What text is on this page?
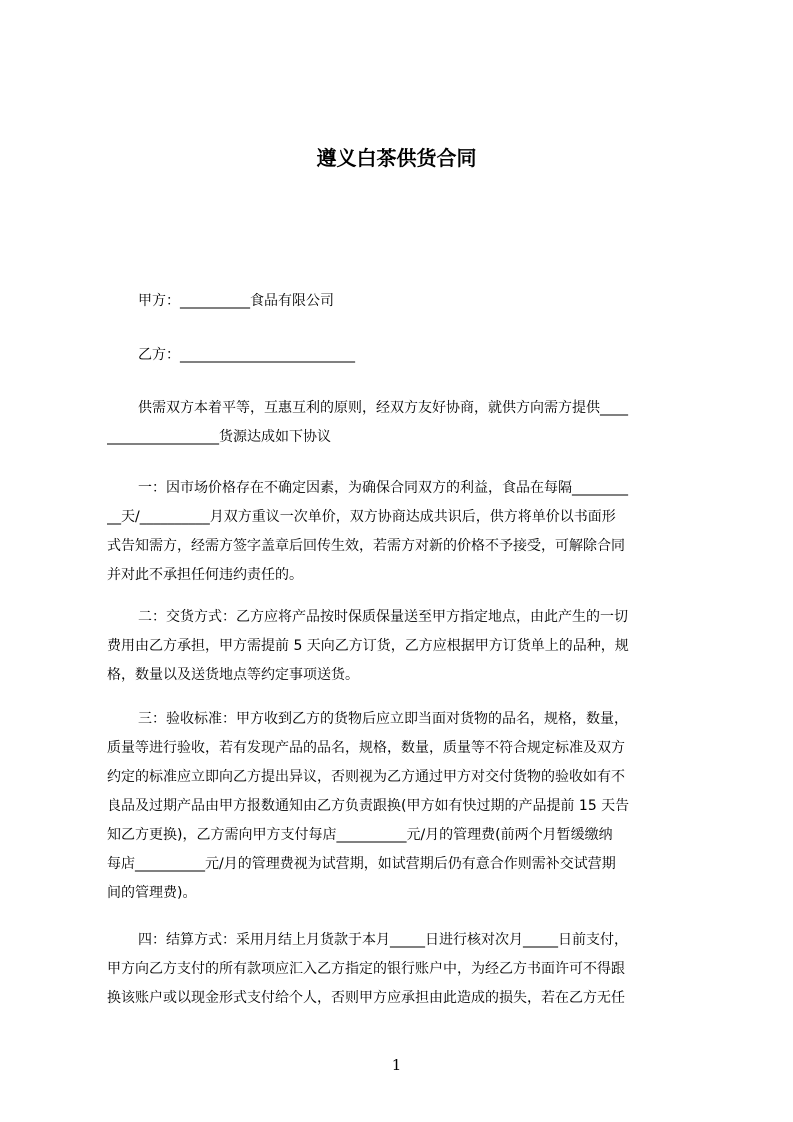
遵义白茶供货合同
甲方：__________食品有限公司
乙方：_________________________
供需双方本着平等，互惠互利的原则，经双方友好协商，就供方向需方提供____
________________货源达成如下协议
一：因市场价格存在不确定因素，为确保合同双方的利益，食品在每隔________
__天/__________月双方重议一次单价，双方协商达成共识后，供方将单价以书面形
式告知需方，经需方签字盖章后回传生效，若需方对新的价格不予接受，可解除合同
并对此不承担任何违约责任的。
二：交货方式：乙方应将产品按时保质保量送至甲方指定地点，由此产生的一切
费用由乙方承担，甲方需提前 5 天向乙方订货，乙方应根据甲方订货单上的品种，规
格，数量以及送货地点等约定事项送货。
三：验收标准：甲方收到乙方的货物后应立即当面对货物的品名，规格，数量，
质量等进行验收，若有发现产品的品名，规格，数量，质量等不符合规定标准及双方
约定的标准应立即向乙方提出异议，否则视为乙方通过甲方对交付货物的验收如有不
良品及过期产品由甲方报数通知由乙方负责跟换(甲方如有快过期的产品提前 15 天告
知乙方更换)，乙方需向甲方支付每店__________元/月的管理费(前两个月暂缓缴纳
每店__________元/月的管理费视为试营期，如试营期后仍有意合作则需补交试营期
间的管理费)。
四：结算方式：采用月结上月货款于本月_____日进行核对次月_____日前支付，
甲方向乙方支付的所有款项应汇入乙方指定的银行账户中，为经乙方书面许可不得跟
换该账户或以现金形式支付给个人，否则甲方应承担由此造成的损失，若在乙方无任
1
